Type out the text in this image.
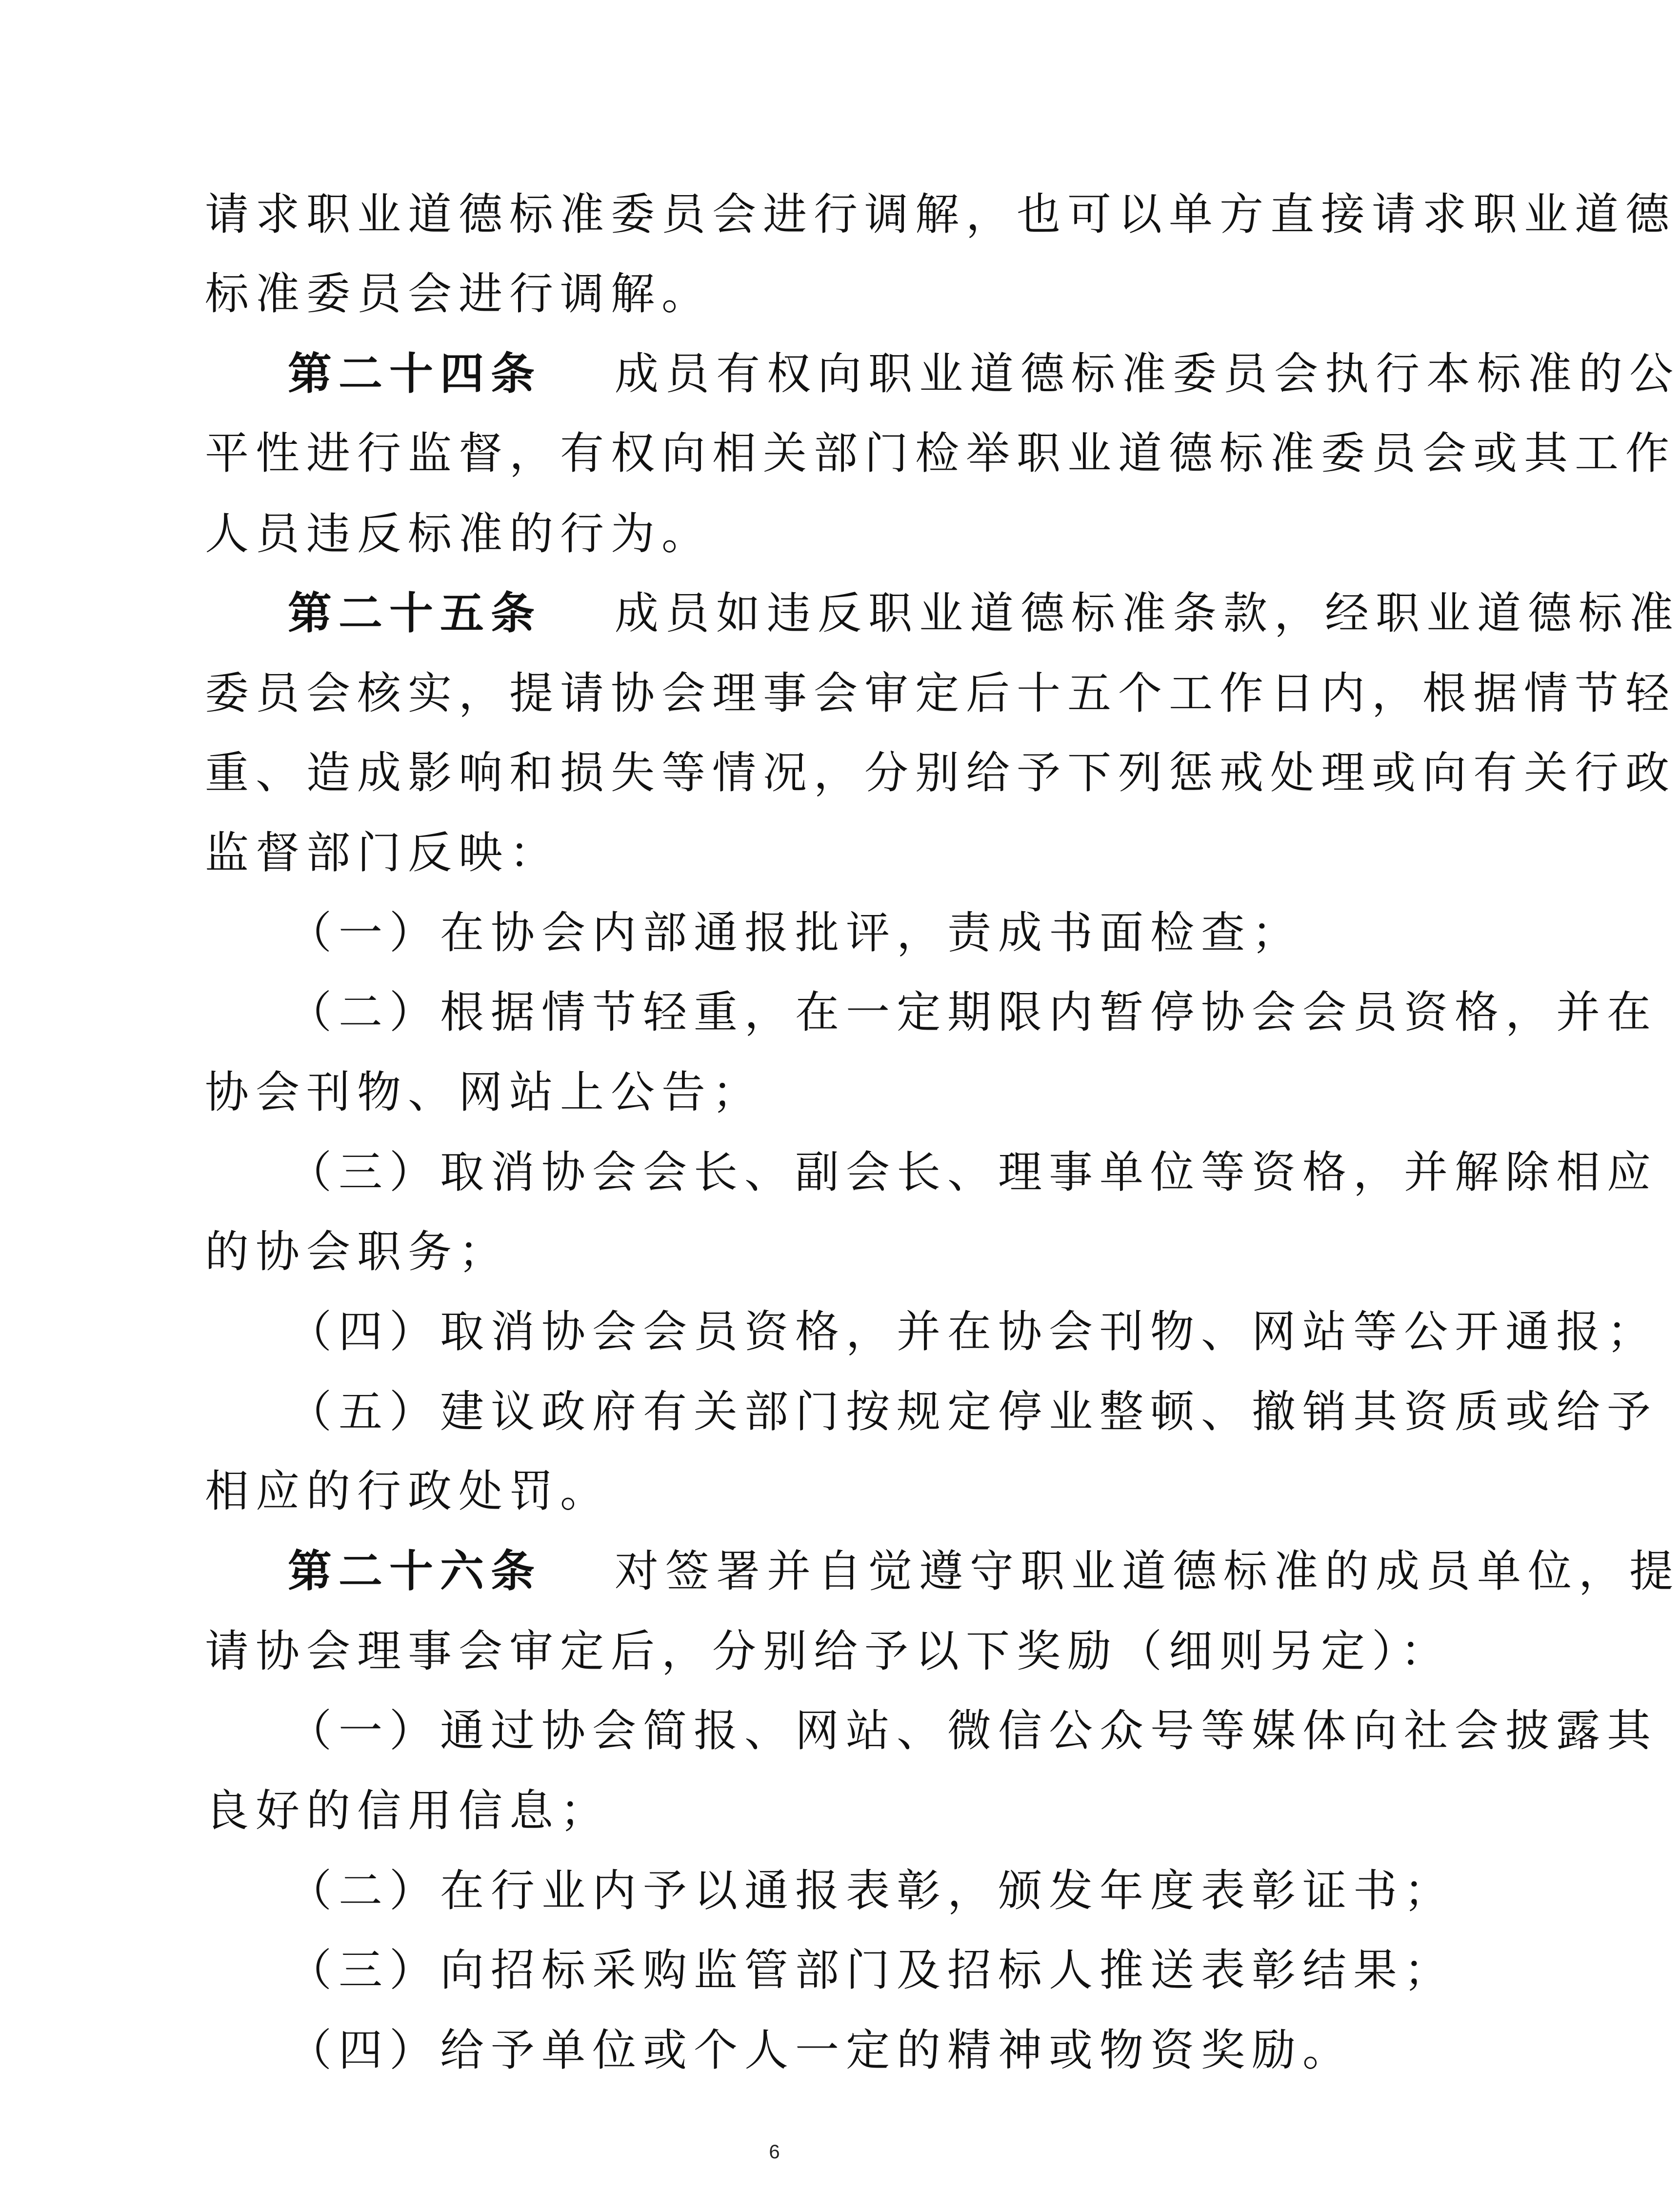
请求职业道德标准委员会进行调解，也可以单方直接请求职业道德
标准委员会进行调解。
第二十四条 成员有权向职业道德标准委员会执行本标准的公
平性进行监督，有权向相关部门检举职业道德标准委员会或其工作
人员违反标准的行为。
第二十五条 成员如违反职业道德标准条款，经职业道德标准
委员会核实，提请协会理事会审定后十五个工作日内，根据情节轻
重、造成影响和损失等情况，分别给予下列惩戒处理或向有关行政
监督部门反映：
（一）在协会内部通报批评，责成书面检查；
（二）根据情节轻重，在一定期限内暂停协会会员资格，并在
协会刊物、网站上公告；
（三）取消协会会长、副会长、理事单位等资格，并解除相应
的协会职务；
（四）取消协会会员资格，并在协会刊物、网站等公开通报；
（五）建议政府有关部门按规定停业整顿、撤销其资质或给予
相应的行政处罚。
第二十六条 对签署并自觉遵守职业道德标准的成员单位，提
请协会理事会审定后，分别给予以下奖励（细则另定）：
（一）通过协会简报、网站、微信公众号等媒体向社会披露其
良好的信用信息；
（二）在行业内予以通报表彰，颁发年度表彰证书；
（三）向招标采购监管部门及招标人推送表彰结果；
（四）给予单位或个人一定的精神或物资奖励。
6
